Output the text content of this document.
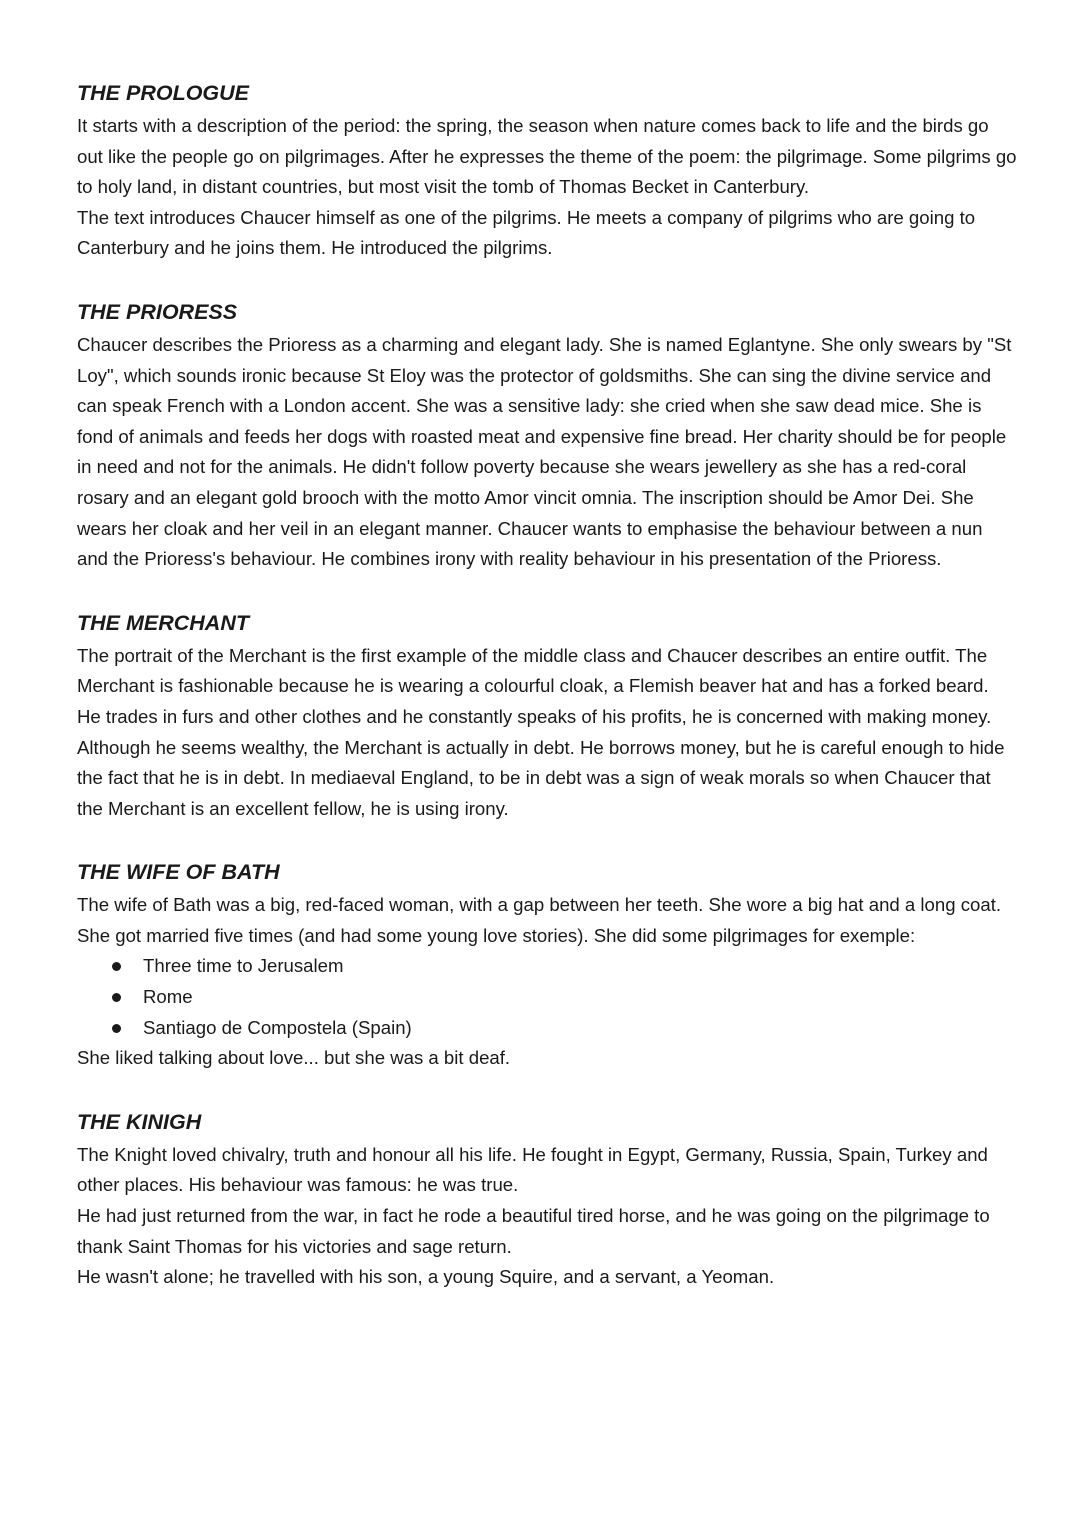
THE PROLOGUE

It starts with a description of the period: the spring, the season when nature comes back to life and the birds go out like the people go on pilgrimages. After he expresses the theme of the poem: the pilgrimage. Some pilgrims go to holy land, in distant countries, but most visit the tomb of Thomas Becket in Canterbury.

The text introduces Chaucer himself as one of the pilgrims. He meets a company of pilgrims who are going to Canterbury and he joins them. He introduced the pilgrims.

THE PRIORESS

Chaucer describes the Prioress as a charming and elegant lady. She is named Eglantyne. She only swears by "St Loy", which sounds ironic because St Eloy was the protector of goldsmiths. She can sing the divine service and can speak French with a London accent. She was a sensitive lady: she cried when she saw dead mice. She is fond of animals and feeds her dogs with roasted meat and expensive fine bread. Her charity should be for people in need and not for the animals. He didn't follow poverty because she wears jewellery as she has a red-coral rosary and an elegant gold brooch with the motto Amor vincit omnia. The inscription should be Amor Dei. She wears her cloak and her veil in an elegant manner. Chaucer wants to emphasise the behaviour between a nun and the Prioress's behaviour. He combines irony with reality behaviour in his presentation of the Prioress.

THE MERCHANT

The portrait of the Merchant is the first example of the middle class and Chaucer describes an entire outfit. The Merchant is fashionable because he is wearing a colourful cloak, a Flemish beaver hat and has a forked beard. He trades in furs and other clothes and he constantly speaks of his profits, he is concerned with making money. Although he seems wealthy, the Merchant is actually in debt. He borrows money, but he is careful enough to hide the fact that he is in debt. In mediaeval England, to be in debt was a sign of weak morals so when Chaucer that the Merchant is an excellent fellow, he is using irony.

THE WIFE OF BATH

The wife of Bath was a big, red-faced woman, with a gap between her teeth. She wore a big hat and a long coat. She got married five times (and had some young love stories). She did some pilgrimages for exemple:

Three time to Jerusalem
Rome
Santiago de Compostela (Spain)

She liked talking about love... but she was a bit deaf.

THE KINIGH

The Knight loved chivalry, truth and honour all his life. He fought in Egypt, Germany, Russia, Spain, Turkey and other places. His behaviour was famous: he was true.

He had just returned from the war, in fact he rode a beautiful tired horse, and he was going on the pilgrimage to thank Saint Thomas for his victories and sage return.

He wasn't alone; he travelled with his son, a young Squire, and a servant, a Yeoman.
